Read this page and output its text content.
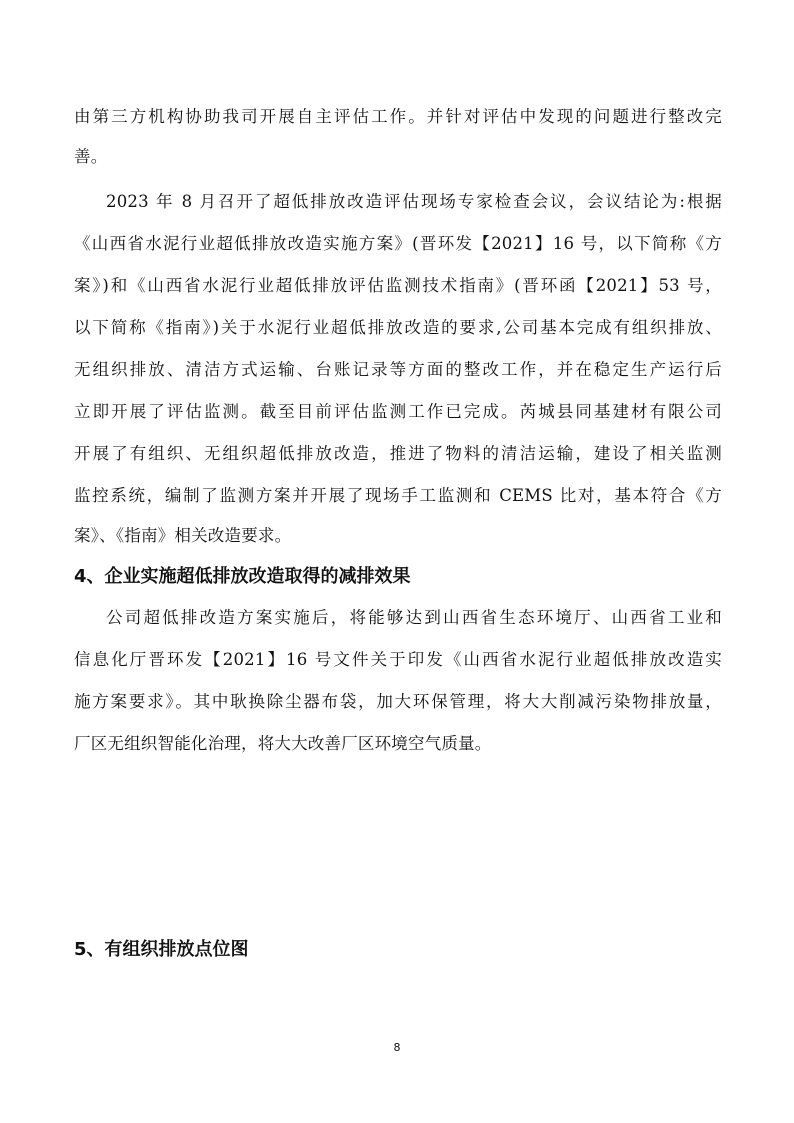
由第三方机构协助我司开展自主评估工作。并针对评估中发现的问题进行整改完
善。
2023 年 8 月召开了超低排放改造评估现场专家检查会议，会议结论为:根据
《山西省水泥行业超低排放改造实施方案》(晋环发【2021】16 号，以下简称《方
案》)和《山西省水泥行业超低排放评估监测技术指南》(晋环函【2021】53 号，
以下简称《指南》)关于水泥行业超低排放改造的要求,公司基本完成有组织排放、
无组织排放、清洁方式运输、台账记录等方面的整改工作，并在稳定生产运行后
立即开展了评估监测。截至目前评估监测工作已完成。芮城县同基建材有限公司
开展了有组织、无组织超低排放改造，推进了物料的清洁运输，建设了相关监测
监控系统，编制了监测方案并开展了现场手工监测和 CEMS 比对，基本符合《方
案》、《指南》相关改造要求。
4、企业实施超低排放改造取得的减排效果
公司超低排改造方案实施后，将能够达到山西省生态环境厅、山西省工业和
信息化厅晋环发【2021】16 号文件关于印发《山西省水泥行业超低排放改造实
施方案要求》。其中耿换除尘器布袋，加大环保管理，将大大削减污染物排放量，
厂区无组织智能化治理，将大大改善厂区环境空气质量。
5、有组织排放点位图
8
